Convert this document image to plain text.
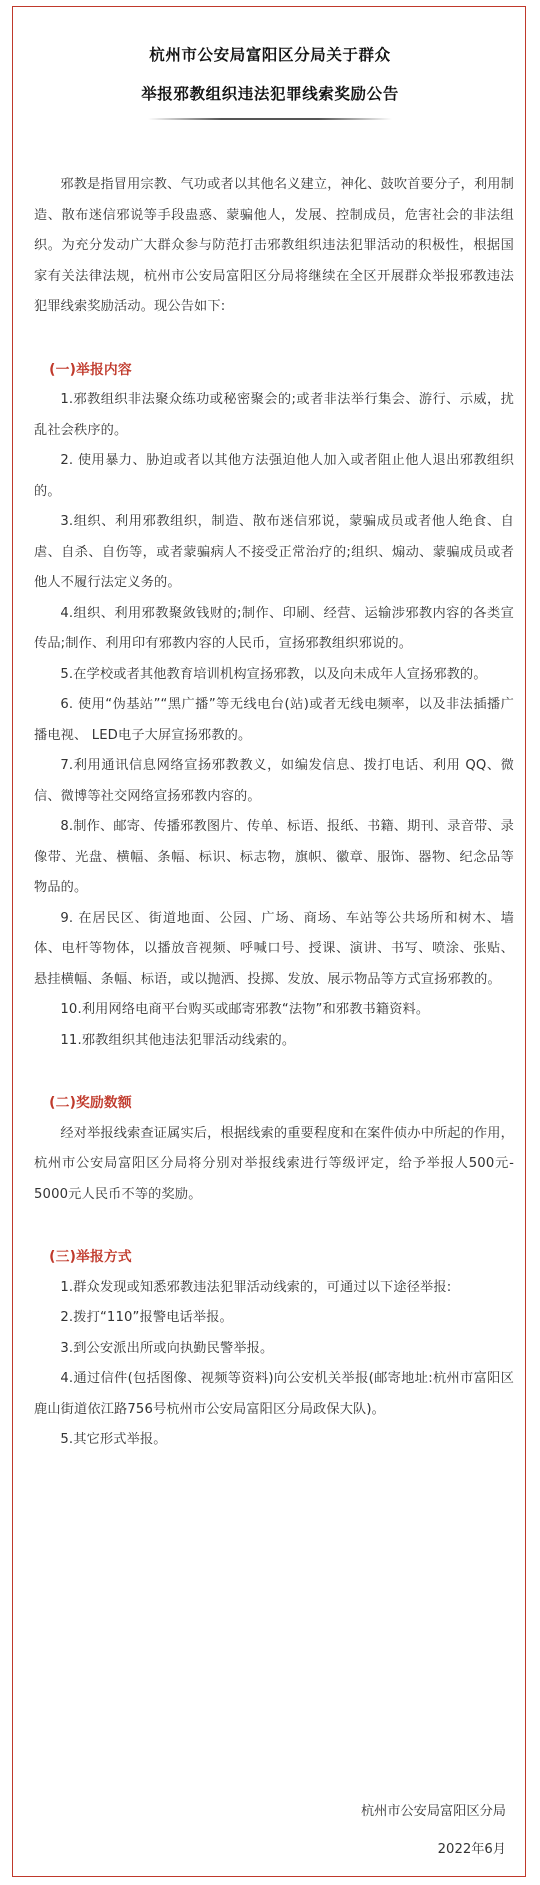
杭州市公安局富阳区分局关于群众
举报邪教组织违法犯罪线索奖励公告

邪教是指冒用宗教、气功或者以其他名义建立，神化、鼓吹首要分子，利用制造、散布迷信邪说等手段蛊惑、蒙骗他人，发展、控制成员，危害社会的非法组织。为充分发动广大群众参与防范打击邪教组织违法犯罪活动的积极性，根据国家有关法律法规，杭州市公安局富阳区分局将继续在全区开展群众举报邪教违法犯罪线索奖励活动。现公告如下:

(一)举报内容

1.邪教组织非法聚众练功或秘密聚会的;或者非法举行集会、游行、示威，扰乱社会秩序的。

2. 使用暴力、胁迫或者以其他方法强迫他人加入或者阻止他人退出邪教组织的。

3.组织、利用邪教组织，制造、散布迷信邪说，蒙骗成员或者他人绝食、自虐、自杀、自伤等，或者蒙骗病人不接受正常治疗的;组织、煽动、蒙骗成员或者他人不履行法定义务的。

4.组织、利用邪教聚敛钱财的;制作、印刷、经营、运输涉邪教内容的各类宣传品;制作、利用印有邪教内容的人民币，宣扬邪教组织邪说的。

5.在学校或者其他教育培训机构宣扬邪教，以及向未成年人宣扬邪教的。

6. 使用“伪基站”“黑广播”等无线电台(站)或者无线电频率，以及非法插播广播电视、 LED电子大屏宣扬邪教的。

7.利用通讯信息网络宣扬邪教教义，如编发信息、拨打电话、利用 QQ、微信、微博等社交网络宣扬邪教内容的。

8.制作、邮寄、传播邪教图片、传单、标语、报纸、书籍、期刊、录音带、录像带、光盘、横幅、条幅、标识、标志物，旗帜、徽章、服饰、器物、纪念品等物品的。

9. 在居民区、街道地面、公园、广场、商场、车站等公共场所和树木、墙体、电杆等物体，以播放音视频、呼喊口号、授课、演讲、书写、喷涂、张贴、悬挂横幅、条幅、标语，或以抛洒、投掷、发放、展示物品等方式宣扬邪教的。

10.利用网络电商平台购买或邮寄邪教“法物”和邪教书籍资料。

11.邪教组织其他违法犯罪活动线索的。

(二)奖励数额

经对举报线索查证属实后，根据线索的重要程度和在案件侦办中所起的作用，杭州市公安局富阳区分局将分别对举报线索进行等级评定，给予举报人500元- 5000元人民币不等的奖励。

(三)举报方式

1.群众发现或知悉邪教违法犯罪活动线索的，可通过以下途径举报:

2.拨打“110”报警电话举报。

3.到公安派出所或向执勤民警举报。

4.通过信件(包括图像、视频等资料)向公安机关举报(邮寄地址:杭州市富阳区鹿山街道依江路756号杭州市公安局富阳区分局政保大队)。

5.其它形式举报。

杭州市公安局富阳区分局
2022年6月
